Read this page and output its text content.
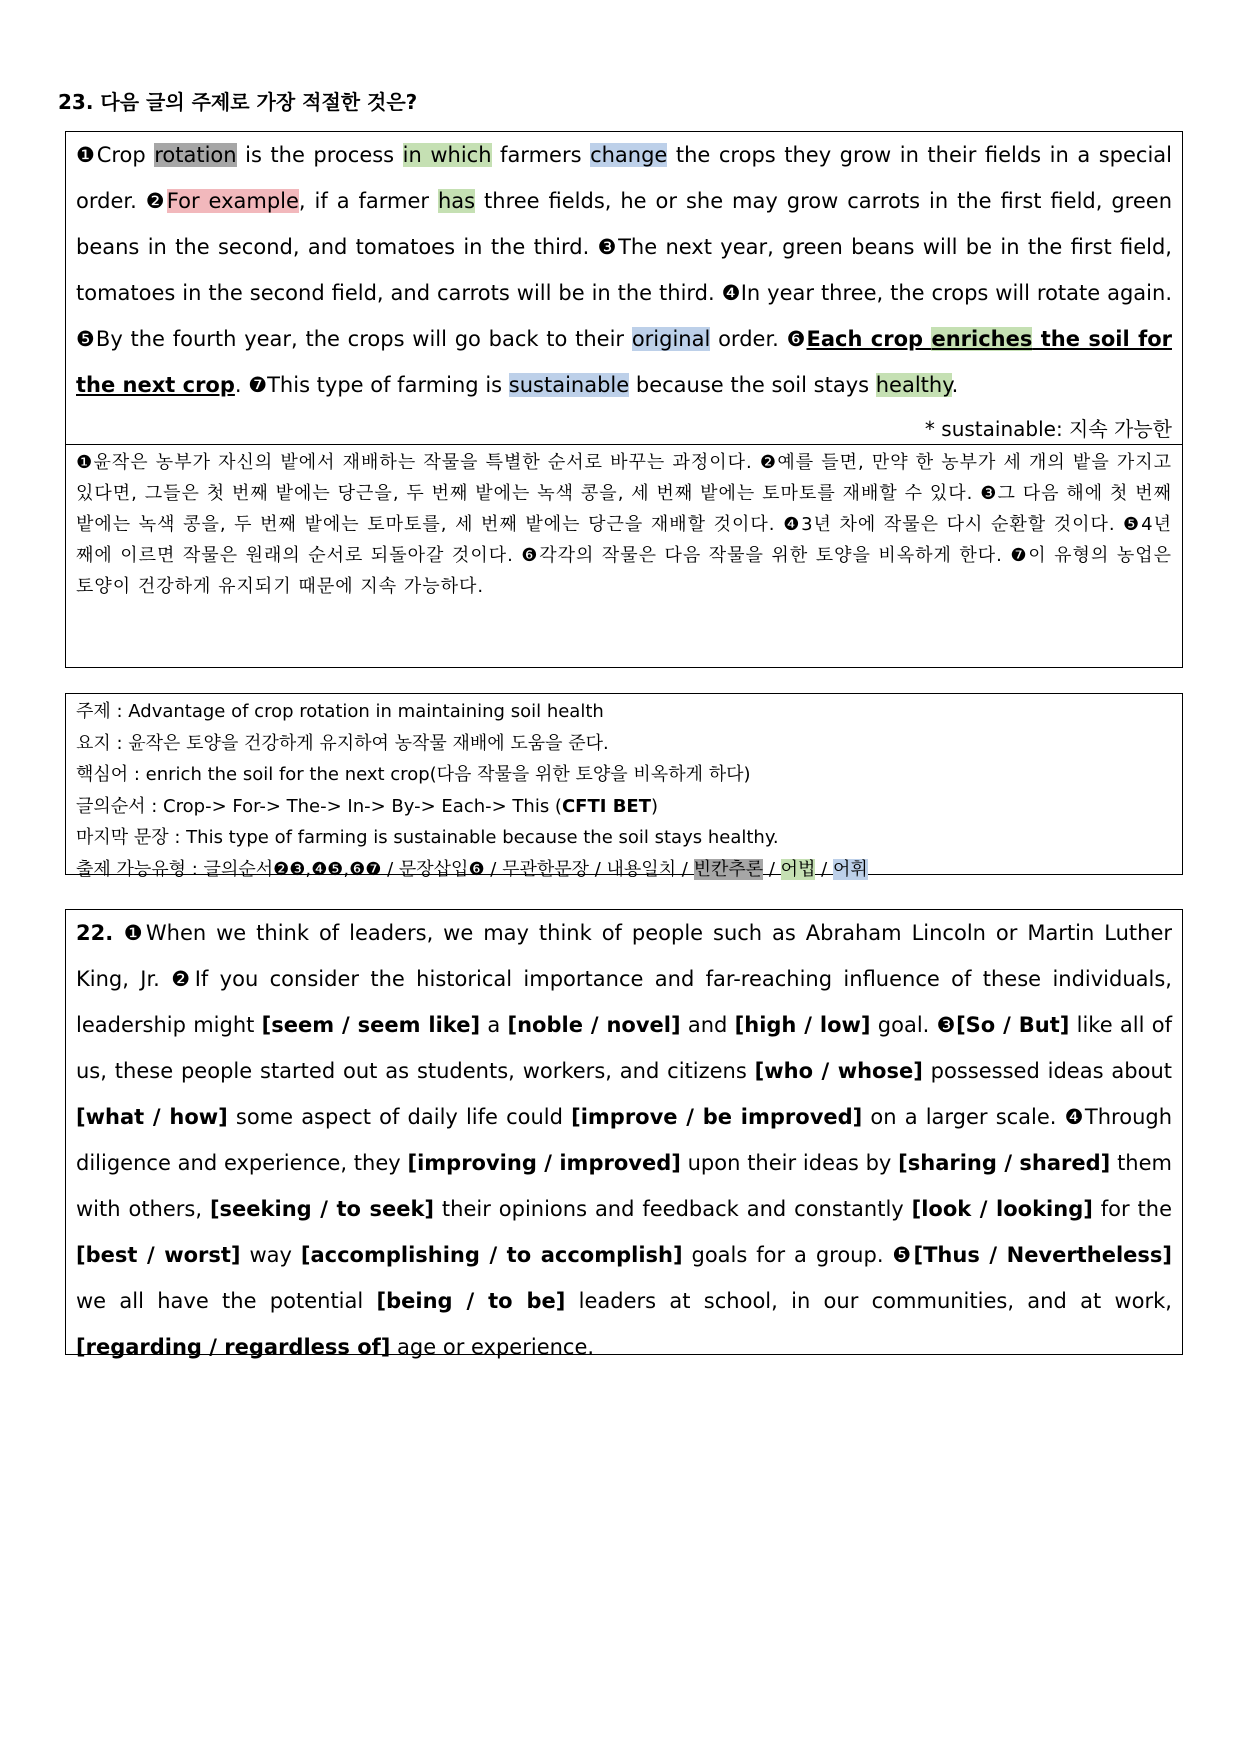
23. 다음 글의 주제로 가장 적절한 것은?

❶Crop rotation is the process in which farmers change the crops they grow in their fields in a special order. ❷For example, if a farmer has three fields, he or she may grow carrots in the first field, green beans in the second, and tomatoes in the third. ❸The next year, green beans will be in the first field, tomatoes in the second field, and carrots will be in the third. ❹In year three, the crops will rotate again. ❺By the fourth year, the crops will go back to their original order. ❻Each crop enriches the soil for the next crop. ❼This type of farming is sustainable because the soil stays healthy.

* sustainable: 지속 가능한
❶윤작은 농부가 자신의 밭에서 재배하는 작물을 특별한 순서로 바꾸는 과정이다. ❷예를 들면, 만약 한 농부가 세 개의 밭을 가지고 있다면, 그들은 첫 번째 밭에는 당근을, 두 번째 밭에는 녹색 콩을, 세 번째 밭에는 토마토를 재배할 수 있다. ❸그 다음 해에 첫 번째 밭에는 녹색 콩을, 두 번째 밭에는 토마토를, 세 번째 밭에는 당근을 재배할 것이다. ❹3년 차에 작물은 다시 순환할 것이다. ❺4년째에 이르면 작물은 원래의 순서로 되돌아갈 것이다. ❻각각의 작물은 다음 작물을 위한 토양을 비옥하게 한다. ❼이 유형의 농업은 토양이 건강하게 유지되기 때문에 지속 가능하다.
주제 : Advantage of crop rotation in maintaining soil health
요지 : 윤작은 토양을 건강하게 유지하여 농작물 재배에 도움을 준다.
핵심어 : enrich the soil for the next crop(다음 작물을 위한 토양을 비옥하게 하다)
글의순서 : Crop-> For-> The-> In-> By-> Each-> This (CFTI BET)
마지막 문장 : This type of farming is sustainable because the soil stays healthy.
출제 가능유형 : 글의순서❷❸,❹❺,❻❼ / 문장삽입❻ / 무관한문장 / 내용일치 / 빈칸추론 / 어법 / 어휘

22. ❶When we think of leaders, we may think of people such as Abraham Lincoln or Martin Luther King, Jr. ❷If you consider the historical importance and far-reaching influence of these individuals, leadership might [seem / seem like] a [noble / novel] and [high / low] goal. ❸[So / But] like all of us, these people started out as students, workers, and citizens [who / whose] possessed ideas about [what / how] some aspect of daily life could [improve / be improved] on a larger scale. ❹Through diligence and experience, they [improving / improved] upon their ideas by [sharing / shared] them with others, [seeking / to seek] their opinions and feedback and constantly [look / looking] for the [best / worst] way [accomplishing / to accomplish] goals for a group. ❺[Thus / Nevertheless] we all have the potential [being / to be] leaders at school, in our communities, and at work, [regarding / regardless of] age or experience.
